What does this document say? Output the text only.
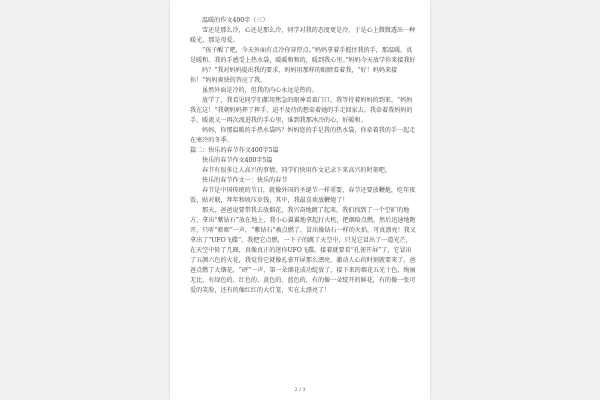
温暖的作文400字（三）

雪还是那么冷，心还是那么冷，同学对我的态度更是冷，于是心上微微透出一种暖光，那是母爱。

“孩子醒了吧，今天外面有点冷你穿厚点。”妈妈拿着手握住我的手，那温暖，真是暖和。我的手感受上热水袋，暖暖和和的，暖到我心里。”妈妈今天放学你来接我好

吗？”我对妈妈提出我的要求，妈妈用那样的眼睛看着我，“好！妈妈来接你！”妈妈爽快的答应了我。

虽然外面是冷的，但我的内心永远是热的。

放学了，我看见同学们都用焦急的眼神看着门口，我等待着妈妈的到来。“妈妈我在这！”我朝妈妈挥了挥手，迫不及待的想牵着她的手走回家去。我牵着我妈妈的手，暖流又一再次流进我的手心里，谁到我那冰冷的心，好暖和。

妈妈，你那温暖的手热水袋吗？妈妈您的手是我的热水袋，你牵着我的手一起走在寒冷的冬季。

篇二：快乐的春节作文400字5篇

快乐的春节作文400字5篇

春节有很多让人高兴的事情，同学们快用作文记录下来高兴的时刻吧。

快乐的春节作文一：快乐的春节

春节是中国传统的节日，就像外国的圣诞节一样重要，春节还要放鞭炮，吃年夜饭，贴对联，拜年和收压岁钱，其中，我最喜欢放鞭炮了！

那天，爸爸说要带我去放烟花，我兴奋地跳了起来，我们找到了一个空旷的地方，拿出“紫钻石”放在地上，我小心翼翼地拿起打火机，把烟给点燃，然后迅速地跑开，只听“嘭嘭”一声，“紫钻石”被点燃了，冒出像钻石一样的火焰，可真漂亮！我又拿出了“UFO飞碟”，我把它点燃，一下子的跳了天空中，只见它冒出了一道光芒，在天空中转了几圈，真像真正的迷你UFO飞碟，接着就要看“孔雀开屏”了，它冒出了五颜六色的火花，我觉得它就像孔雀开屏那么漂亮，激动人心的时刻就要来了，爸爸点燃了大烟花，“砰”一声，第一朵烟花成功绽放了，接下来的烟花五光十色、绚丽无比，有绿色的、红色的、黄色的、蓝色的，有的像一朵绽开的鲜花，有的像一张可爱的笑脸，还有的像红红的大灯笼，实在太漂亮了！

2 / 3
